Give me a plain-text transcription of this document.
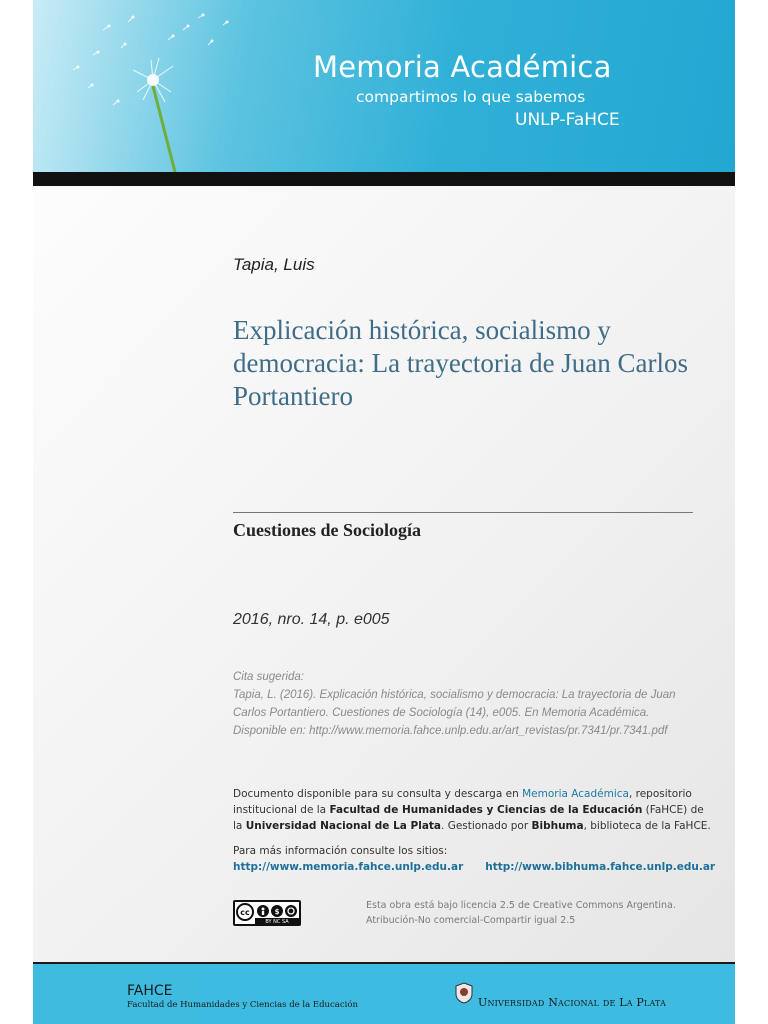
Memoria Académica
compartimos lo que sabemos
UNLP-FaHCE
Tapia, Luis
Explicación histórica, socialismo y democracia: La trayectoria de Juan Carlos Portantiero
Cuestiones de Sociología
2016, nro. 14, p. e005
Cita sugerida:
Tapia, L. (2016). Explicación histórica, socialismo y democracia: La trayectoria de Juan Carlos Portantiero. Cuestiones de Sociología (14), e005. En Memoria Académica.
Disponible en: http://www.memoria.fahce.unlp.edu.ar/art_revistas/pr.7341/pr.7341.pdf
Documento disponible para su consulta y descarga en Memoria Académica, repositorio institucional de la Facultad de Humanidades y Ciencias de la Educación (FaHCE) de la Universidad Nacional de La Plata. Gestionado por Bibhuma, biblioteca de la FaHCE.
Para más información consulte los sitios:
http://www.memoria.fahce.unlp.edu.ar http://www.bibhuma.fahce.unlp.edu.ar
cc	$
BY NC SA
Esta obra está bajo licencia 2.5 de Creative Commons Argentina.
Atribución-No comercial-Compartir igual 2.5
FAHCE
Facultad de Humanidades y Ciencias de la Educación	Universidad Nacional de La Plata
